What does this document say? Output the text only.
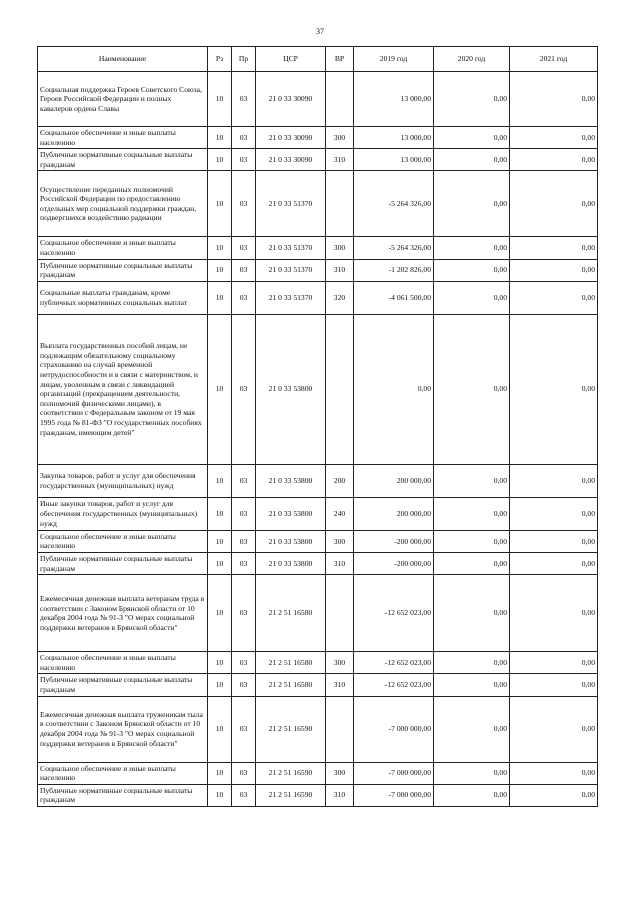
37
Наименование	Рз	Пр	ЦСР	ВР	2019 год	2020 год	2021 год
Социальная поддержка Героев Советского Союза, Героев Российской Федерации и полных кавалеров ордена Славы	10	03	21 0 33 30090		13 000,00	0,00	0,00
Социальное обеспечение и иные выплаты населению	10	03	21 0 33 30090	300	13 000,00	0,00	0,00
Публичные нормативные социальные выплаты гражданам	10	03	21 0 33 30090	310	13 000,00	0,00	0,00
Осуществление переданных полномочий Российской Федерации по предоставлению отдельных мер социальной поддержки граждан, подвергшихся воздействию радиации	10	03	21 0 33 51370		-5 264 326,00	0,00	0,00
Социальное обеспечение и иные выплаты населению	10	03	21 0 33 51370	300	-5 264 326,00	0,00	0,00
Публичные нормативные социальные выплаты гражданам	10	03	21 0 33 51370	310	-1 202 826,00	0,00	0,00
Социальные выплаты гражданам, кроме публичных нормативных социальных выплат	10	03	21 0 33 51370	320	-4 061 500,00	0,00	0,00
Выплата государственных пособий лицам, не подлежащим обязательному социальному страхованию на случай временной нетрудоспособности и в связи с материнством, и лицам, уволенным в связи с ликвидацией организаций (прекращением деятельности, полномочий физическими лицами), в соответствии с Федеральным законом от 19 мая 1995 года № 81-ФЗ "О государственных пособиях гражданам, имеющим детей"	10	03	21 0 33 53800		0,00	0,00	0,00
Закупка товаров, работ и услуг для обеспечения государственных (муниципальных) нужд	10	03	21 0 33 53800	200	200 000,00	0,00	0,00
Иные закупки товаров, работ и услуг для обеспечения государственных (муниципальных) нужд	10	03	21 0 33 53800	240	200 000,00	0,00	0,00
Социальное обеспечение и иные выплаты населению	10	03	21 0 33 53800	300	-200 000,00	0,00	0,00
Публичные нормативные социальные выплаты гражданам	10	03	21 0 33 53800	310	-200 000,00	0,00	0,00
Ежемесячная денежная выплата ветеранам труда в соответствии с Законом Брянской области от 10 декабря 2004 года № 91-З "О мерах социальной поддержки ветеранов в Брянской области"	10	03	21 2 51 16580		-12 652 023,00	0,00	0,00
Социальное обеспечение и иные выплаты населению	10	03	21 2 51 16580	300	-12 652 023,00	0,00	0,00
Публичные нормативные социальные выплаты гражданам	10	03	21 2 51 16580	310	-12 652 023,00	0,00	0,00
Ежемесячная денежная выплата труженикам тыла в соответствии с Законом Брянской области от 10 декабря 2004 года № 91-З "О мерах социальной поддержки ветеранов в Брянской области"	10	03	21 2 51 16590		-7 000 000,00	0,00	0,00
Социальное обеспечение и иные выплаты населению	10	03	21 2 51 16590	300	-7 000 000,00	0,00	0,00
Публичные нормативные социальные выплаты гражданам	10	03	21 2 51 16590	310	-7 000 000,00	0,00	0,00
